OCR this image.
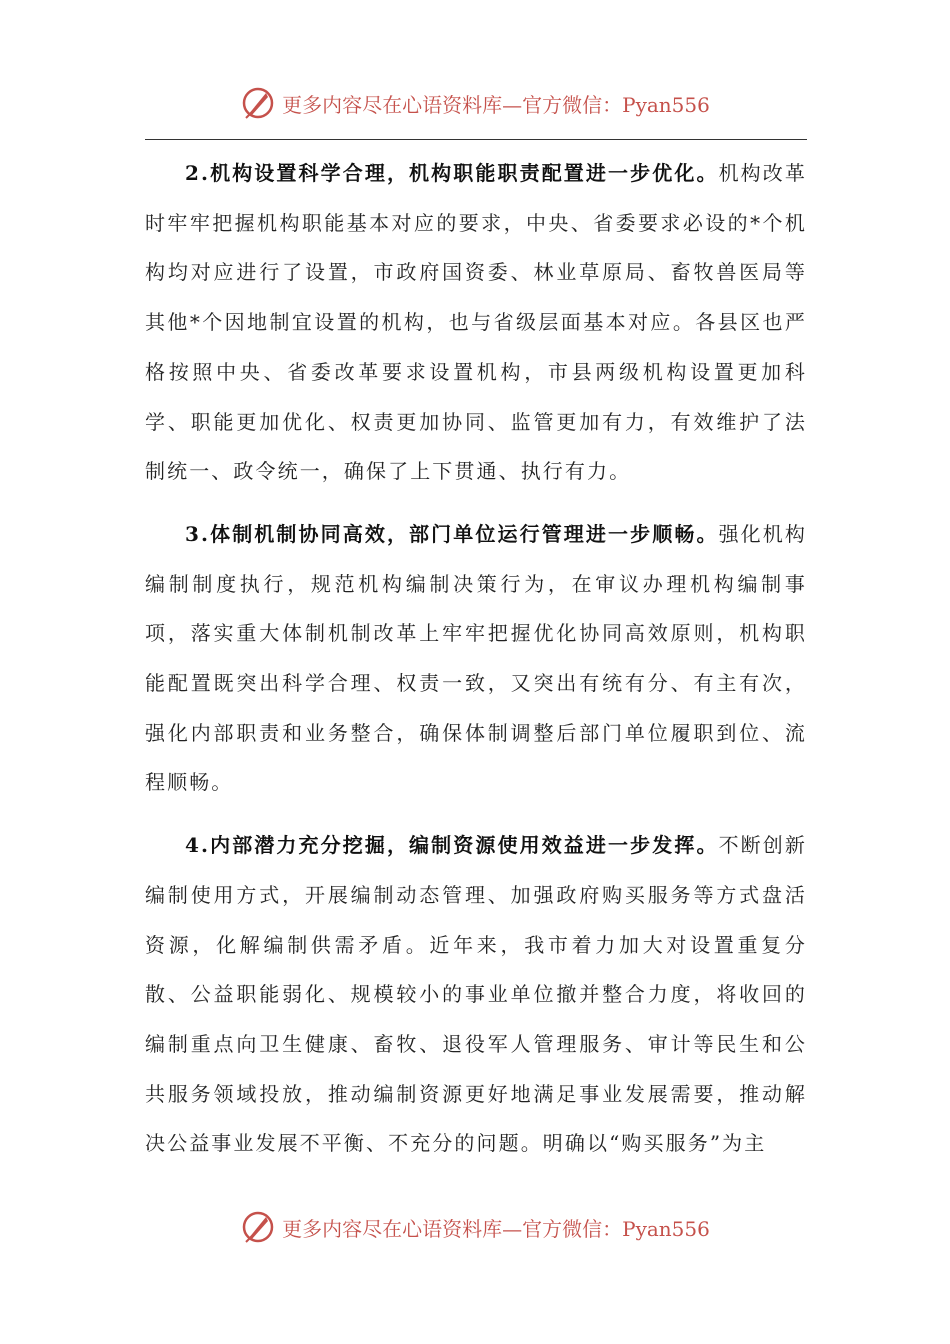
更多内容尽在心语资料库—官方微信：Pyan556

2.机构设置科学合理，机构职能职责配置进一步优化。机构改革时牢牢把握机构职能基本对应的要求，中央、省委要求必设的*个机构均对应进行了设置，市政府国资委、林业草原局、畜牧兽医局等其他*个因地制宜设置的机构，也与省级层面基本对应。各县区也严格按照中央、省委改革要求设置机构，市县两级机构设置更加科学、职能更加优化、权责更加协同、监管更加有力，有效维护了法制统一、政令统一，确保了上下贯通、执行有力。

3.体制机制协同高效，部门单位运行管理进一步顺畅。强化机构编制制度执行，规范机构编制决策行为，在审议办理机构编制事项，落实重大体制机制改革上牢牢把握优化协同高效原则，机构职能配置既突出科学合理、权责一致，又突出有统有分、有主有次，强化内部职责和业务整合，确保体制调整后部门单位履职到位、流程顺畅。

4.内部潜力充分挖掘，编制资源使用效益进一步发挥。不断创新编制使用方式，开展编制动态管理、加强政府购买服务等方式盘活资源，化解编制供需矛盾。近年来，我市着力加大对设置重复分散、公益职能弱化、规模较小的事业单位撤并整合力度，将收回的编制重点向卫生健康、畜牧、退役军人管理服务、审计等民生和公共服务领域投放，推动编制资源更好地满足事业发展需要，推动解决公益事业发展不平衡、不充分的问题。明确以“购买服务”为主

更多内容尽在心语资料库—官方微信：Pyan556
